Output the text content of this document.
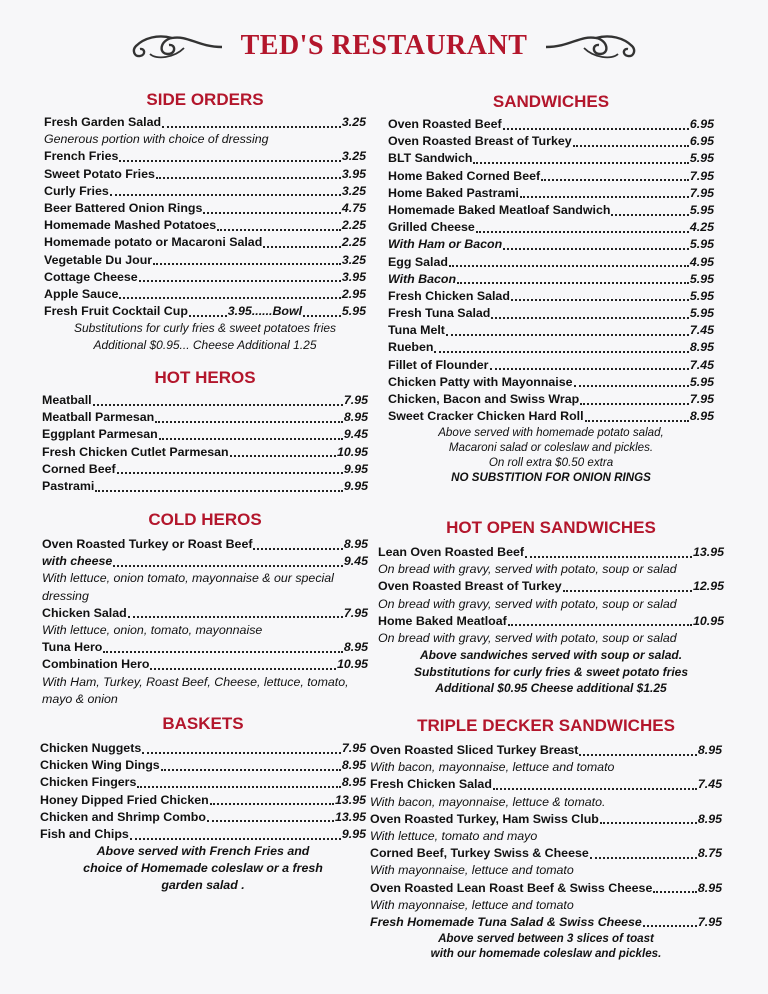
TED'S RESTAURANT
SIDE ORDERS
Fresh Garden Salad	3.25
Generous portion with choice of dressing
French Fries	3.25
Sweet Potato Fries	3.95
Curly Fries	3.25
Beer Battered Onion Rings	4.75
Homemade Mashed Potatoes	2.25
Homemade potato or Macaroni Salad	2.25
Vegetable Du Jour	3.25
Cottage Cheese	3.95
Apple Sauce	2.95
Fresh Fruit Cocktail Cup	3.95......Bowl	5.95
Substitutions for curly fries & sweet potatoes fries
Additional $0.95... Cheese Additional 1.25
HOT HEROS
Meatball	7.95
Meatball Parmesan	8.95
Eggplant Parmesan	9.45
Fresh Chicken Cutlet Parmesan	10.95
Corned Beef	9.95
Pastrami	9.95
COLD HEROS
Oven Roasted Turkey or Roast Beef	8.95
with cheese	9.45
With lettuce, onion tomato, mayonnaise & our special dressing
Chicken Salad	7.95
With lettuce, onion, tomato, mayonnaise
Tuna Hero	8.95
Combination Hero	10.95
With Ham, Turkey, Roast Beef, Cheese, lettuce, tomato, mayo & onion
BASKETS
Chicken Nuggets	7.95
Chicken Wing Dings	8.95
Chicken Fingers	8.95
Honey Dipped Fried Chicken	13.95
Chicken and Shrimp Combo	13.95
Fish and Chips	9.95
Above served with French Fries and
choice of Homemade coleslaw or a fresh
garden salad .
SANDWICHES
Oven Roasted Beef	6.95
Oven Roasted Breast of Turkey	6.95
BLT Sandwich	5.95
Home Baked Corned Beef	7.95
Home Baked Pastrami	7.95
Homemade Baked Meatloaf Sandwich	5.95
Grilled Cheese	4.25
With Ham or Bacon	5.95
Egg Salad	4.95
With Bacon	5.95
Fresh Chicken Salad	5.95
Fresh Tuna Salad	5.95
Tuna Melt	7.45
Rueben	8.95
Fillet of Flounder	7.45
Chicken Patty with Mayonnaise	5.95
Chicken, Bacon and Swiss Wrap	7.95
Sweet Cracker Chicken Hard Roll	8.95
Above served with homemade potato salad,
Macaroni salad or coleslaw and pickles.
On roll extra $0.50 extra
NO SUBSTITION FOR ONION RINGS
HOT OPEN SANDWICHES
Lean Oven Roasted Beef	13.95
On bread with gravy, served with potato, soup or salad
Oven Roasted Breast of Turkey	12.95
On bread with gravy, served with potato, soup or salad
Home Baked Meatloaf	10.95
On bread with gravy, served with potato, soup or salad
Above sandwiches served with soup or salad.
Substitutions for curly fries & sweet potato fries
Additional $0.95 Cheese additional $1.25
TRIPLE DECKER SANDWICHES
Oven Roasted Sliced Turkey Breast	8.95
With bacon, mayonnaise, lettuce and tomato
Fresh Chicken Salad	7.45
With bacon, mayonnaise, lettuce & tomato.
Oven Roasted Turkey, Ham Swiss Club	8.95
With lettuce, tomato and mayo
Corned Beef, Turkey Swiss & Cheese	8.75
With mayonnaise, lettuce and tomato
Oven Roasted Lean Roast Beef & Swiss Cheese	8.95
With mayonnaise, lettuce and tomato
Fresh Homemade Tuna Salad & Swiss Cheese	7.95
Above served between 3 slices of toast
with our homemade coleslaw and pickles.
